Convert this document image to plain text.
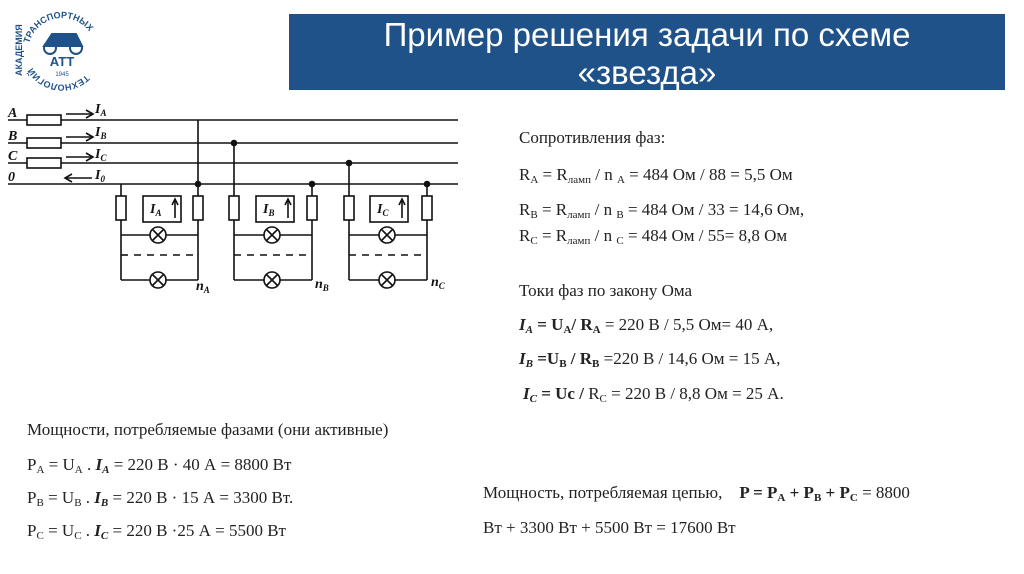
ТРАНСПОРТНЫХ
ТЕХНОЛОГИЙ
АКАДЕМИЯ АТТ
1945
Пример решения задачи по схеме
«звезда»
A
B
C
0
$I_A$
$I_B$
$I_C$
$I_0$
$I_A$	$I_B$	$I_C$
$n_A$	$n_B$	$n_C$
Сопротивления фаз:
$R_A = R_{ламп} / n$ $_A$ = 484 Ом / 88 = 5,5 Ом
$R_B = R_{ламп} / n$ $_B$ = 484 Ом / 33 = 14,6 Ом,
$R_C = R_{ламп} / n$ $_C$ = 484 Ом / 55= 8,8 Ом
Токи фаз по закону Ома
$I_A = U_A/$ $R_A = 220$ В / 5,5 Ом= 40 А,
$I_B =U_B / R_B =220$ В / 14,6 Ом = 15 А,
$I_C = Uc / R_C = 220$ В / 8,8 Ом = 25 А.
Мощности, потребляемые фазами (они активные)
$P_A = U_A$ . $I_A = 220$ В · 40 А = 8800 Вт
$P_B = U_B$ . $I_B = 220$ В · 15 А = 3300 Вт.
$P_C = U_C$ . $I_C = 220$ В ·25 А = 5500 Вт
Мощность, потребляемая цепью, $P = P_A + P_B + P_C = 8800$
Вт + 3300 Вт + 5500 Вт = 17600 Вт
